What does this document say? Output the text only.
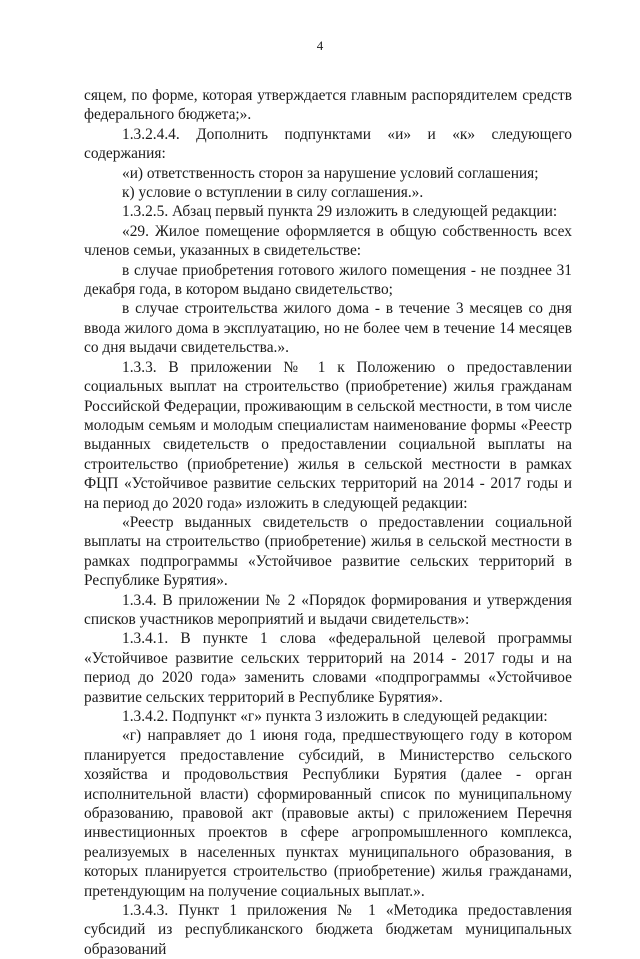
4

сяцем, по форме, которая утверждается главным распорядителем средств федерального бюджета;».

1.3.2.4.4. Дополнить подпунктами «и» и «к» следующего содержания:

«и) ответственность сторон за нарушение условий соглашения;

к) условие о вступлении в силу соглашения.».

1.3.2.5. Абзац первый пункта 29 изложить в следующей редакции:

«29. Жилое помещение оформляется в общую собственность всех членов семьи, указанных в свидетельстве:

в случае приобретения готового жилого помещения - не позднее 31 декабря года, в котором выдано свидетельство;

в случае строительства жилого дома - в течение 3 месяцев со дня ввода жилого дома в эксплуатацию, но не более чем в течение 14 месяцев со дня выдачи свидетельства.».

1.3.3. В приложении № 1 к Положению о предоставлении социальных выплат на строительство (приобретение) жилья гражданам Российской Федерации, проживающим в сельской местности, в том числе молодым семьям и молодым специалистам наименование формы «Реестр выданных свидетельств о предоставлении социальной выплаты на строительство (приобретение) жилья в сельской местности в рамках ФЦП «Устойчивое развитие сельских территорий на 2014 - 2017 годы и на период до 2020 года» изложить в следующей редакции:

«Реестр выданных свидетельств о предоставлении социальной выплаты на строительство (приобретение) жилья в сельской местности в рамках подпрограммы «Устойчивое развитие сельских территорий в Республике Бурятия».

1.3.4. В приложении № 2 «Порядок формирования и утверждения списков участников мероприятий и выдачи свидетельств»:

1.3.4.1. В пункте 1 слова «федеральной целевой программы «Устойчивое развитие сельских территорий на 2014 - 2017 годы и на период до 2020 года» заменить словами «подпрограммы «Устойчивое развитие сельских территорий в Республике Бурятия».

1.3.4.2. Подпункт «г» пункта 3 изложить в следующей редакции:

«г) направляет до 1 июня года, предшествующего году в котором планируется предоставление субсидий, в Министерство сельского хозяйства и продовольствия Республики Бурятия (далее - орган исполнительной власти) сформированный список по муниципальному образованию, правовой акт (правовые акты) с приложением Перечня инвестиционных проектов в сфере агропромышленного комплекса, реализуемых в населенных пунктах муниципального образования, в которых планируется строительство (приобретение) жилья гражданами, претендующим на получение социальных выплат.».

1.3.4.3. Пункт 1 приложения № 1 «Методика предоставления субсидий из республиканского бюджета бюджетам муниципальных образований
